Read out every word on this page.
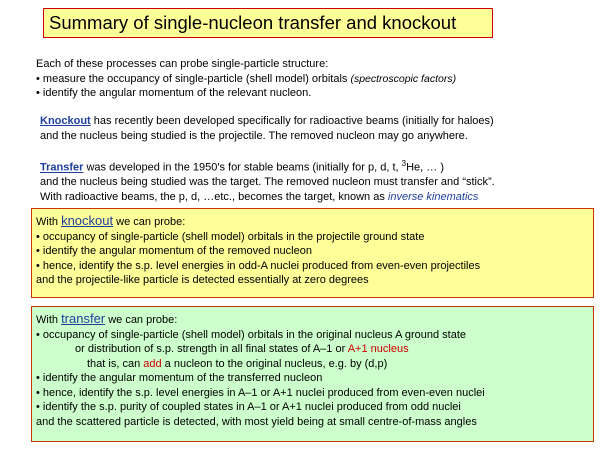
Summary of single-nucleon transfer and knockout
Each of these processes can probe single-particle structure:
• measure the occupancy of single-particle (shell model) orbitals (spectroscopic factors)
• identify the angular momentum of the relevant nucleon.
Knockout has recently been developed specifically for radioactive beams (initially for haloes)
and the nucleus being studied is the projectile. The removed nucleon may go anywhere.
Transfer was developed in the 1950's for stable beams (initially for p, d, t, $^3$He, … )
and the nucleus being studied was the target. The removed nucleon must transfer and “stick”.
With radioactive beams, the p, d, …etc., becomes the target, known as inverse kinematics
With knockout we can probe:
• occupancy of single-particle (shell model) orbitals in the projectile ground state
• identify the angular momentum of the removed nucleon
• hence, identify the s.p. level energies in odd-A nuclei produced from even-even projectiles
and the projectile-like particle is detected essentially at zero degrees
With transfer we can probe:
• occupancy of single-particle (shell model) orbitals in the original nucleus A ground state
or distribution of s.p. strength in all final states of A–1 or A+1 nucleus
that is, can add a nucleon to the original nucleus, e.g. by (d,p)
• identify the angular momentum of the transferred nucleon
• hence, identify the s.p. level energies in A–1 or A+1 nuclei produced from even-even nuclei
• identify the s.p. purity of coupled states in A–1 or A+1 nuclei produced from odd nuclei
and the scattered particle is detected, with most yield being at small centre-of-mass angles
